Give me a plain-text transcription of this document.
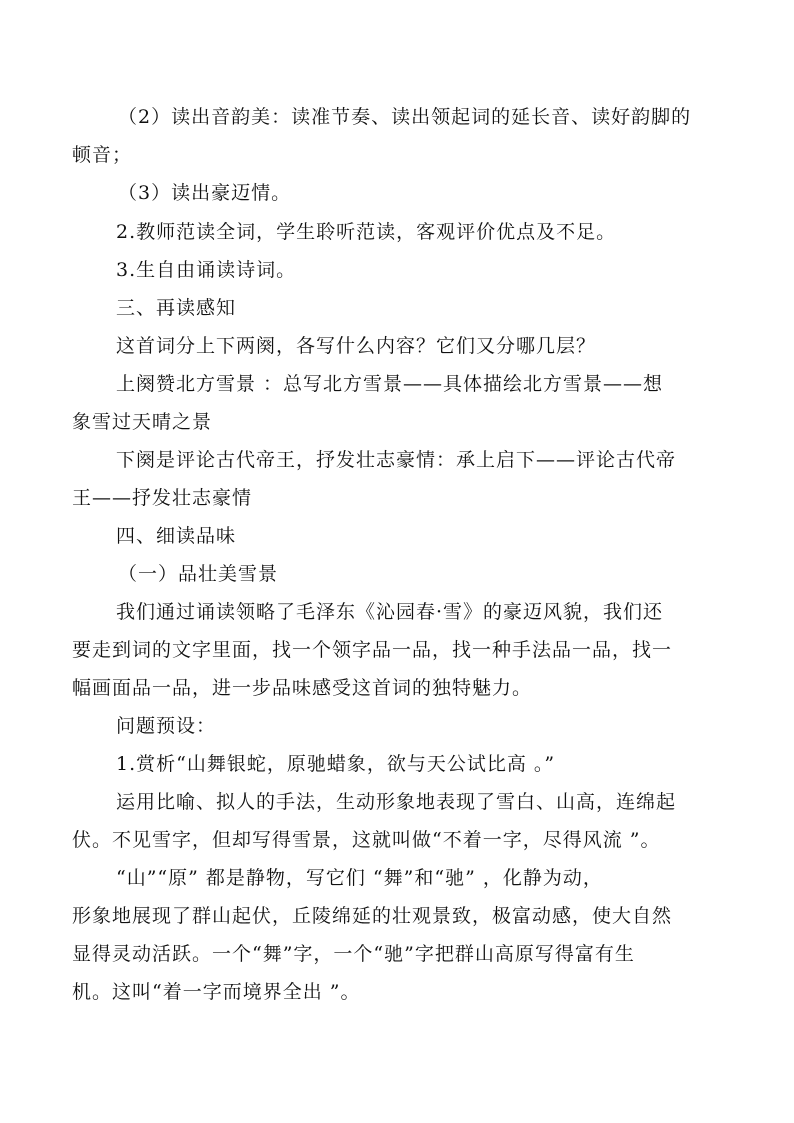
（2）读出音韵美：读准节奏、读出领起词的延长音、读好韵脚的
顿音；
（3）读出豪迈情。
2.教师范读全词，学生聆听范读，客观评价优点及不足。
3.生自由诵读诗词。
三、再读感知
这首词分上下两阕，各写什么内容？它们又分哪几层？
上阕赞北方雪景 ：总写北方雪景——具体描绘北方雪景——想
象雪过天晴之景
下阕是评论古代帝王，抒发壮志豪情：承上启下——评论古代帝
王——抒发壮志豪情
四、细读品味
（一）品壮美雪景
我们通过诵读领略了毛泽东《沁园春·雪》的豪迈风貌，我们还
要走到词的文字里面，找一个领字品一品，找一种手法品一品，找一
幅画面品一品，进一步品味感受这首词的独特魅力。
问题预设：
1.赏析“山舞银蛇，原驰蜡象，欲与天公试比高 。”
运用比喻、拟人的手法，生动形象地表现了雪白、山高，连绵起
伏。不见雪字，但却写得雪景，这就叫做“不着一字，尽得风流 ”。
“山”“原” 都是静物，写它们 “舞”和“驰” ，化静为动，
形象地展现了群山起伏，丘陵绵延的壮观景致，极富动感，使大自然
显得灵动活跃。一个“舞”字，一个“驰”字把群山高原写得富有生
机。这叫“着一字而境界全出 ”。
